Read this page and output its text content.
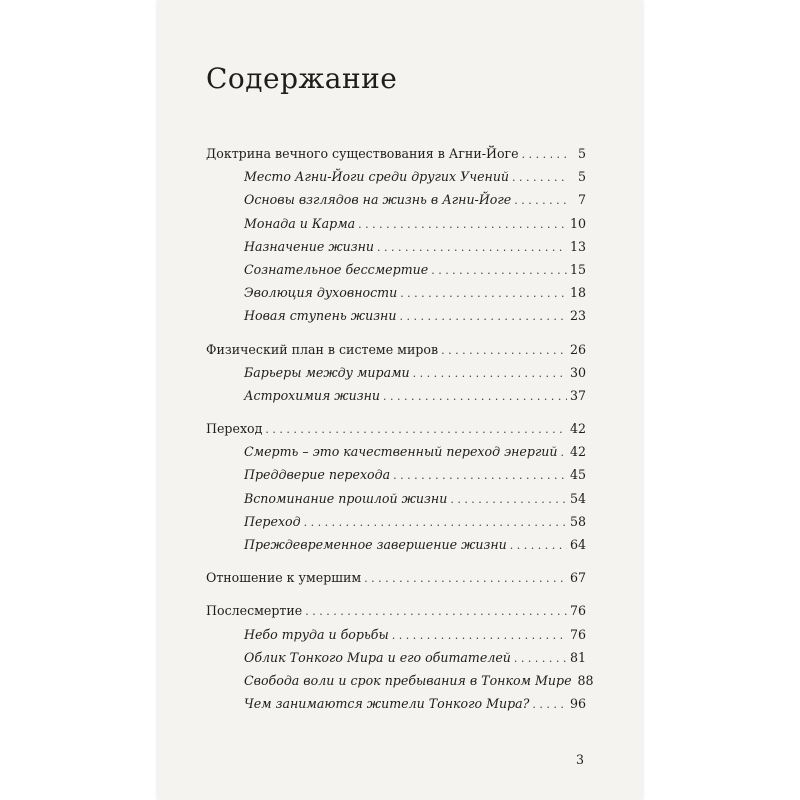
Содержание
Доктрина вечного существования в Агни-Йоге . . .	5
Место Агни-Йоги среди других Учений . . .	5
Основы взглядов на жизнь в Агни-Йоге . . .	7
Монада и Карма . . .	10
Назначение жизни . . .	13
Сознательное бессмертие . . .	15
Эволюция духовности . . .	18
Новая ступень жизни . . .	23
Физический план в системе миров . . .	26
Барьеры между мирами . . .	30
Астрохимия жизни . . .	37
Переход . . .	42
Смерть – это качественный переход энергий . . . 42
Преддверие перехода . . .	45
Вспоминание прошлой жизни . . .	54
Переход . . .	58
Преждевременное завершение жизни . . .	64
Отношение к умершим . . .	67
Послесмертие . . .	76
Небо труда и борьбы . . .	76
Облик Тонкого Мира и его обитателей . . .	81
Свобода воли и срок пребывания в Тонком Мире 88
Чем занимаются жители Тонкого Мира? . . .	96
3
